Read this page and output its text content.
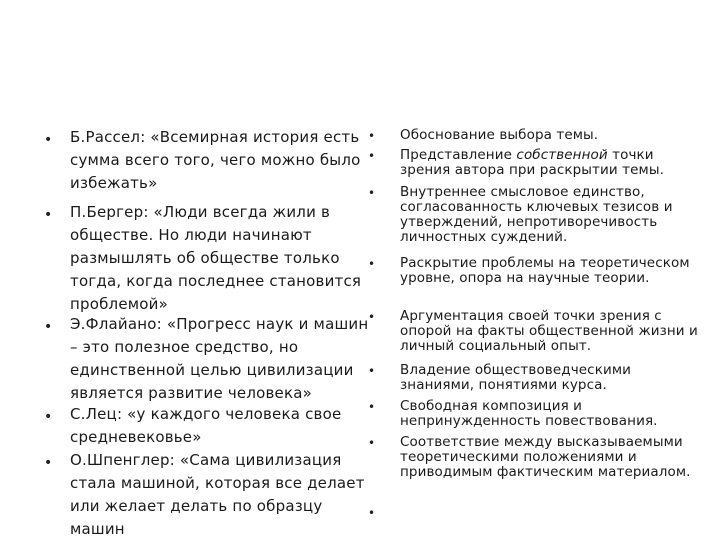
• Б.Рассел: «Всемирная история есть сумма всего того, чего можно было избежать»
• П.Бергер: «Люди всегда жили в обществе. Но люди начинают размышлять об обществе только тогда, когда последнее становится проблемой»
• Э.Флайано: «Прогресс наук и машин – это полезное средство, но единственной целью цивилизации является развитие человека»
• С.Лец: «у каждого человека свое средневековье»
• О.Шпенглер: «Сама цивилизация стала машиной, которая все делает или желает делать по образцу машин
• Обоснование выбора темы.
• Представление собственной точки зрения автора при раскрытии темы.
• Внутреннее смысловое единство, согласованность ключевых тезисов и утверждений, непротиворечивость личностных суждений.
• Раскрытие проблемы на теоретическом уровне, опора на научные теории.
• Аргументация своей точки зрения с опорой на факты общественной жизни и личный социальный опыт.
• Владение обществоведческими знаниями, понятиями курса.
• Свободная композиция и непринужденность повествования.
• Соответствие между высказываемыми теоретическими положениями и приводимым фактическим материалом.
•
